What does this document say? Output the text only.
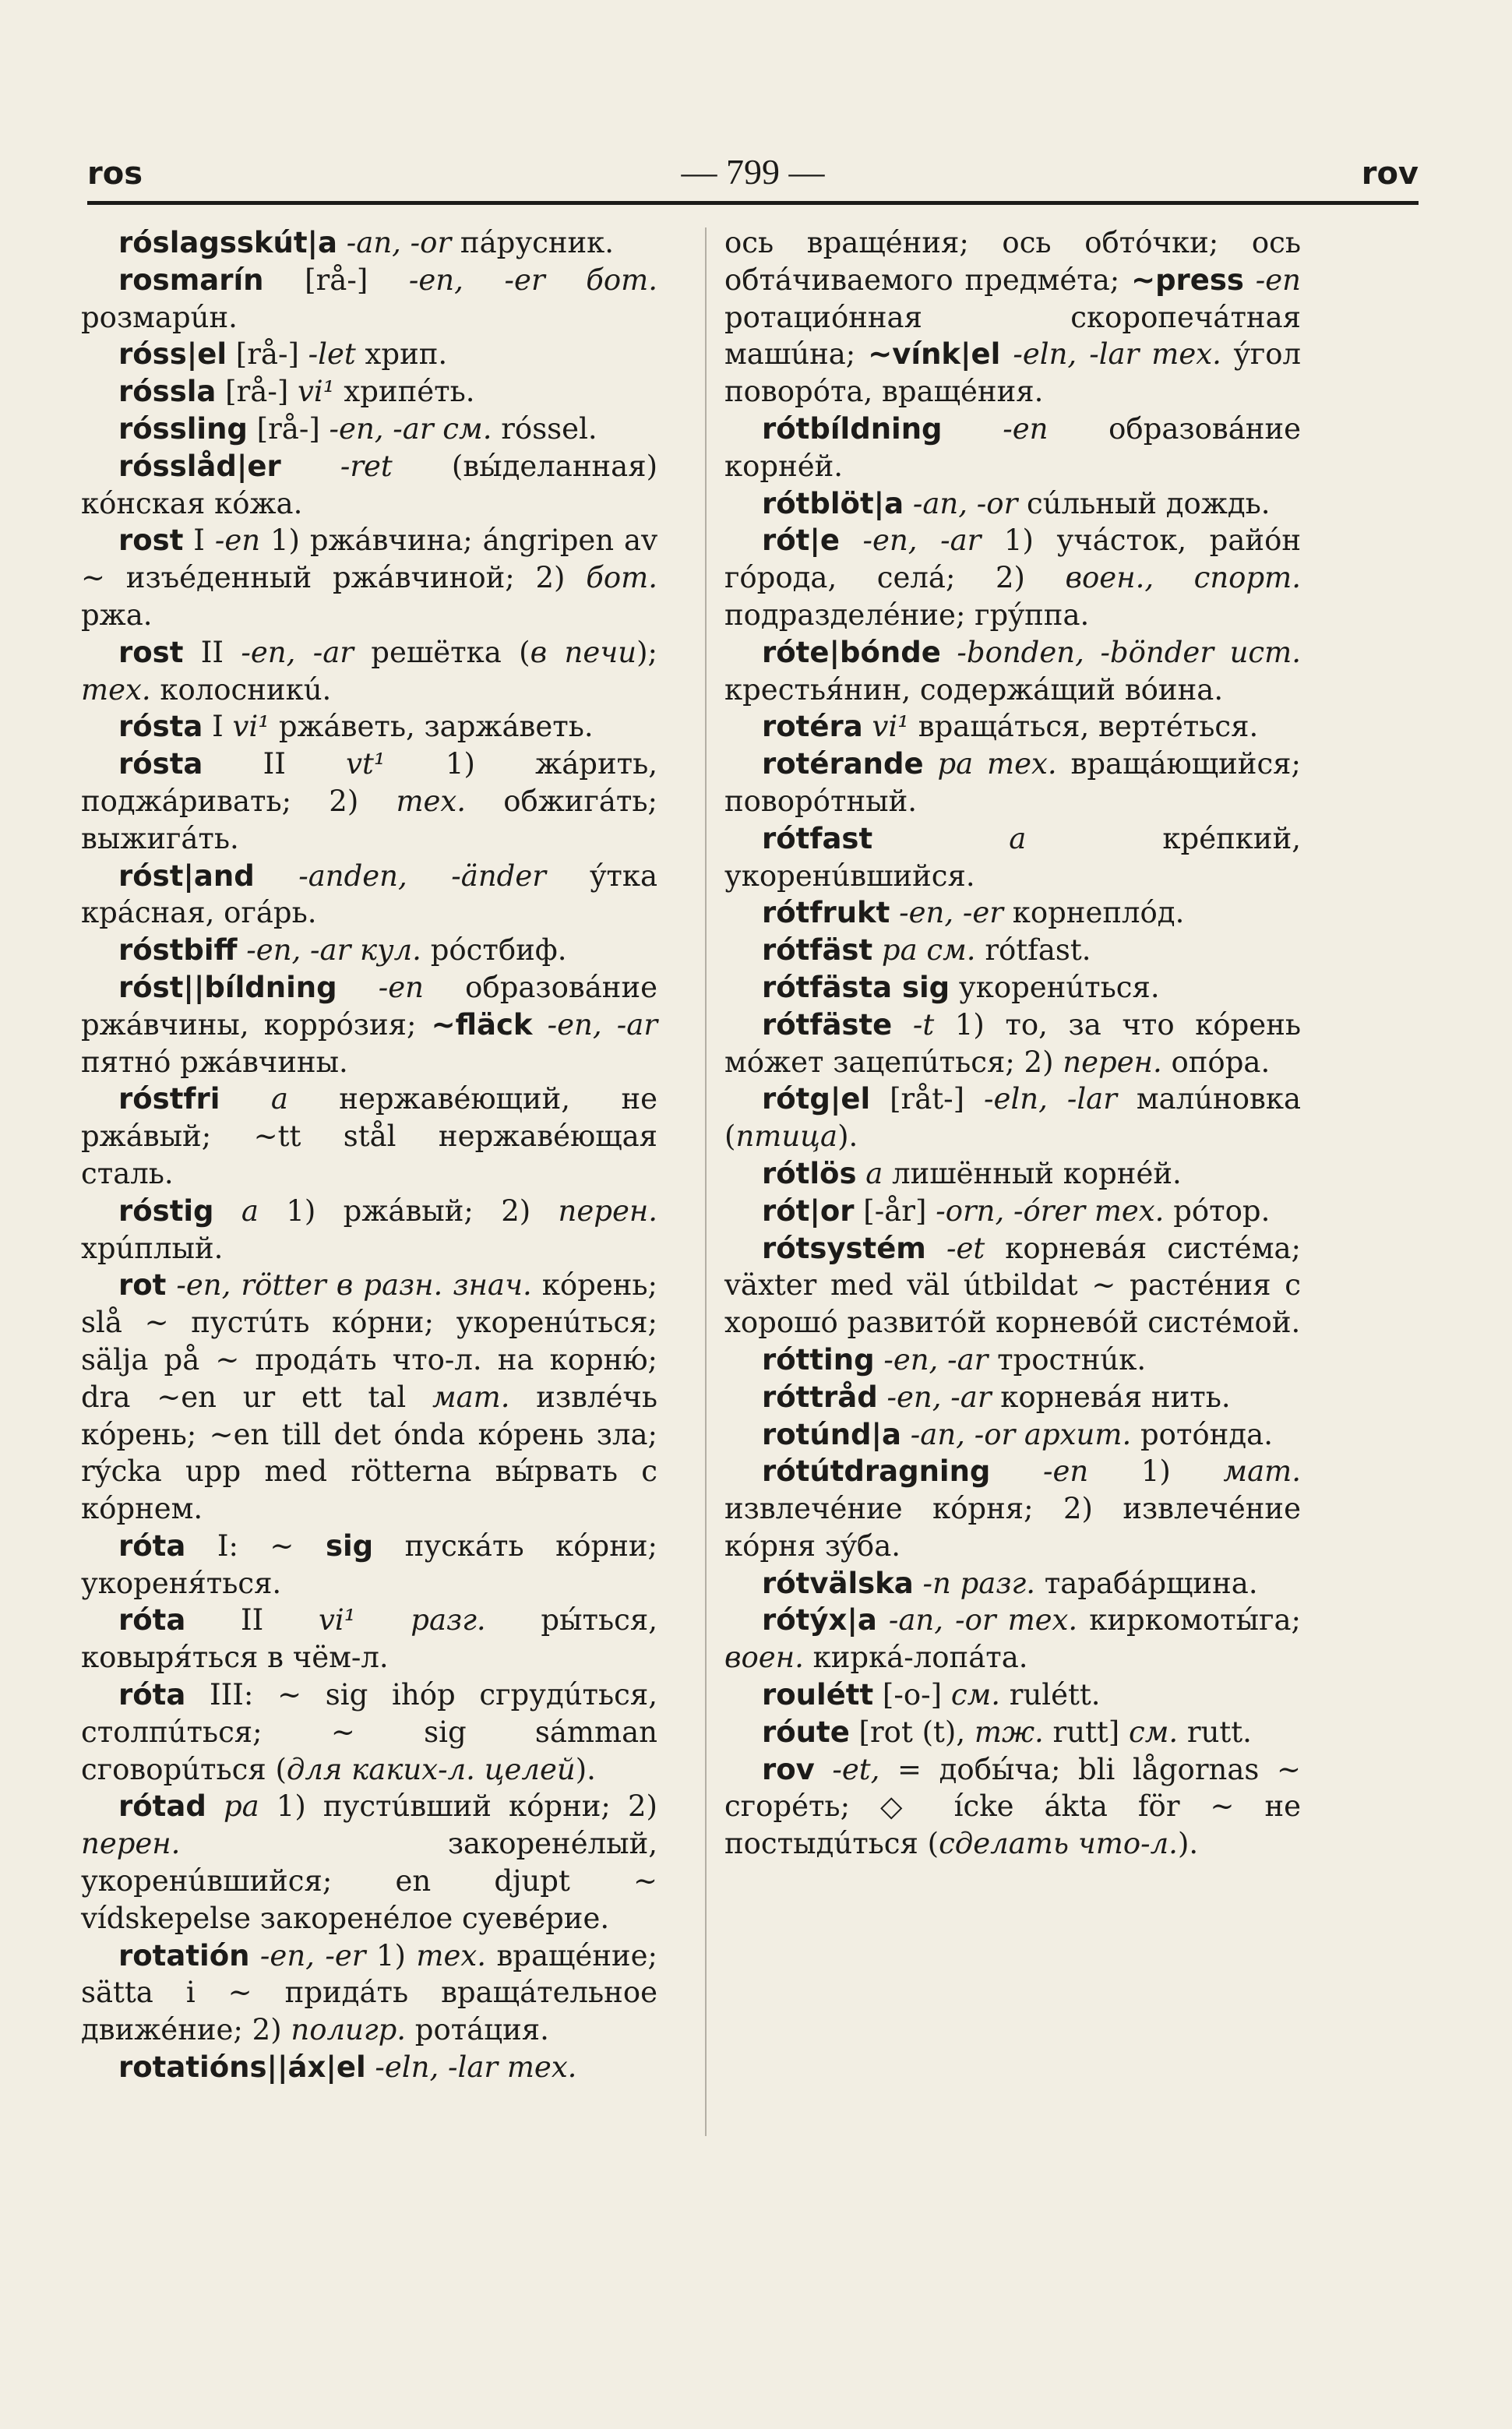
ros	— 799 —	rov

róslagsskút|a -an, -or пáрусник.

rosmarín [rå-] -en, -er бот. розмарúн.

róss|el [rå-] -let хрип.

róssla [rå-] vi¹ хрипéть.

róssling [rå-] -en, -ar см. róssel.

rósslåd|er -ret (вы́деланная) кóнская кóжа.

rost I -en 1) ржáвчина; ángripen av ~ изъéденный ржáвчиной; 2) бот. ржа.

rost II -en, -ar решётка (в печи); тех. колосникú.

rósta I vi¹ ржáветь, заржáветь.

rósta II vt¹ 1) жáрить, поджáривать; 2) тех. обжигáть; выжигáть.

róst|and -anden, -änder ýтка крáсная, огáрь.

róstbiff -en, -ar кул. рóстбиф.

róst||bíldning -en образовáние ржáвчины, коррóзия; ~fläck -en, -ar пятнó ржáвчины.

róstfri a нержавéющий, не ржáвый; ~tt stål нержавéющая сталь.

róstig a 1) ржáвый; 2) перен. хрúплый.

rot -en, rötter в разн. знач. кóрень; slå ~ пустúть кóрни; укоренúться; sälja på ~ продáть что-л. на корню́; dra ~en ur ett tal мат. извлéчь кóрень; ~en till det ónda кóрень зла; rýcka upp med rötterna вы́рвать с кóрнем.

róta I: ~ sig пускáть кóрни; укореня́ться.

róta II vi¹ разг. ры́ться, ковыря́ться в чём-л.

róta III: ~ sig ihóp сгрудúться, столпúться; ~ sig sámman сговорúться (для каких-л. целей).

rótad pa 1) пустúвший кóрни; 2) перен. закоренéлый, укоренúвшийся; en djupt ~ vídskepelse закоренéлое суевéрие.

rotatión -en, -er 1) тех. вращéние; sätta i ~ придáть вращáтельное движéние; 2) полигр. ротáция.

rotatións||áx|el -eln, -lar тех.

ось вращéния; ось обтóчки; ось обтáчиваемого предмéта; ~press -en ротациóнная скоропечáтная машúна; ~vínk|el -eln, -lar тех. ýгол поворóта, вращéния.

rótbíldning -en образовáние корнéй.

rótblöt|a -an, -or сúльный дождь.

rót|e -en, -ar 1) учáсток, райóн гóрода, селá; 2) воен., спорт. подразделéние; грýппа.

róte|bónde -bonden, -bönder ист. крестья́нин, содержáщий вóина.

rotéra vi¹ вращáться, вертéться.

rotérande pa тех. вращáющийся; поворóтный.

rótfast	a крéпкий, укоренúвшийся.

rótfrukt -en, -er корнеплóд.

rótfäst pa см. rótfast.

rótfästa sig укоренúться.

rótfäste -t 1) то, за что кóрень мóжет зацепúться; 2) перен. опóра.

rótg|el [råt-] -eln, -lar малúновка (птица).

rótlös a лишённый корнéй.

rót|or [-år] -orn, -órer тех. рóтор.

rótsystém -et корневáя систéма; växter med väl útbildat ~ растéния с хорошó развитóй корневóй систéмой.

rótting -en, -ar тростнúк.

róttråd -en, -ar корневáя нить.

rotúnd|a -an, -or архит. ротóнда.

rótútdragning -en 1) мат. извлечéние кóрня; 2) извлечéние кóрня зýба.

rótvälska -n разг. тарабáрщина.

rótýx|a -an, -or тех. киркомоты́га; воен. киркá-лопáта.

roulétt [-o-] см. rulétt.

róute [rot (t), тж. rutt] см. rutt.

rov -et, = добы́ча; bli lågornas ~ сгорéть; ◇ ícke ákta för ~ не постыдúться (сделать что-л.).
